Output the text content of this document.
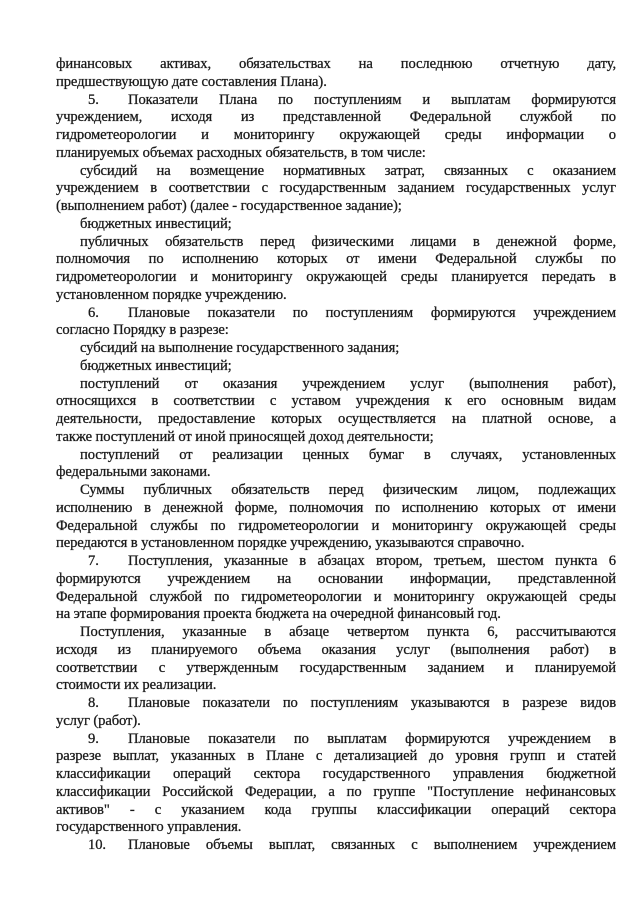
финансовых активах, обязательствах на последнюю отчетную дату,
предшествующую дате составления Плана).
5. Показатели Плана по поступлениям и выплатам формируются
учреждением, исходя из представленной Федеральной службой по
гидрометеорологии и мониторингу окружающей среды информации о
планируемых объемах расходных обязательств, в том числе:
субсидий на возмещение нормативных затрат, связанных с оказанием
учреждением в соответствии с государственным заданием государственных услуг
(выполнением работ) (далее - государственное задание);
бюджетных инвестиций;
публичных обязательств перед физическими лицами в денежной форме,
полномочия по исполнению которых от имени Федеральной службы по
гидрометеорологии и мониторингу окружающей среды планируется передать в
установленном порядке учреждению.
6. Плановые показатели по поступлениям формируются учреждением
согласно Порядку в разрезе:
субсидий на выполнение государственного задания;
бюджетных инвестиций;
поступлений от оказания учреждением услуг (выполнения работ),
относящихся в соответствии с уставом учреждения к его основным видам
деятельности, предоставление которых осуществляется на платной основе, а
также поступлений от иной приносящей доход деятельности;
поступлений от реализации ценных бумаг в случаях, установленных
федеральными законами.
Суммы публичных обязательств перед физическим лицом, подлежащих
исполнению в денежной форме, полномочия по исполнению которых от имени
Федеральной службы по гидрометеорологии и мониторингу окружающей среды
передаются в установленном порядке учреждению, указываются справочно.
7. Поступления, указанные в абзацах втором, третьем, шестом пункта 6
формируются учреждением на основании информации, представленной
Федеральной службой по гидрометеорологии и мониторингу окружающей среды
на этапе формирования проекта бюджета на очередной финансовый год.
Поступления, указанные в абзаце четвертом пункта 6, рассчитываются
исходя из планируемого объема оказания услуг (выполнения работ) в
соответствии с утвержденным государственным заданием и планируемой
стоимости их реализации.
8. Плановые показатели по поступлениям указываются в разрезе видов
услуг (работ).
9. Плановые показатели по выплатам формируются учреждением в
разрезе выплат, указанных в Плане с детализацией до уровня групп и статей
классификации операций сектора государственного управления бюджетной
классификации Российской Федерации, а по группе "Поступление нефинансовых
активов" - с указанием кода группы классификации операций сектора
государственного управления.
10. Плановые объемы выплат, связанных с выполнением учреждением
